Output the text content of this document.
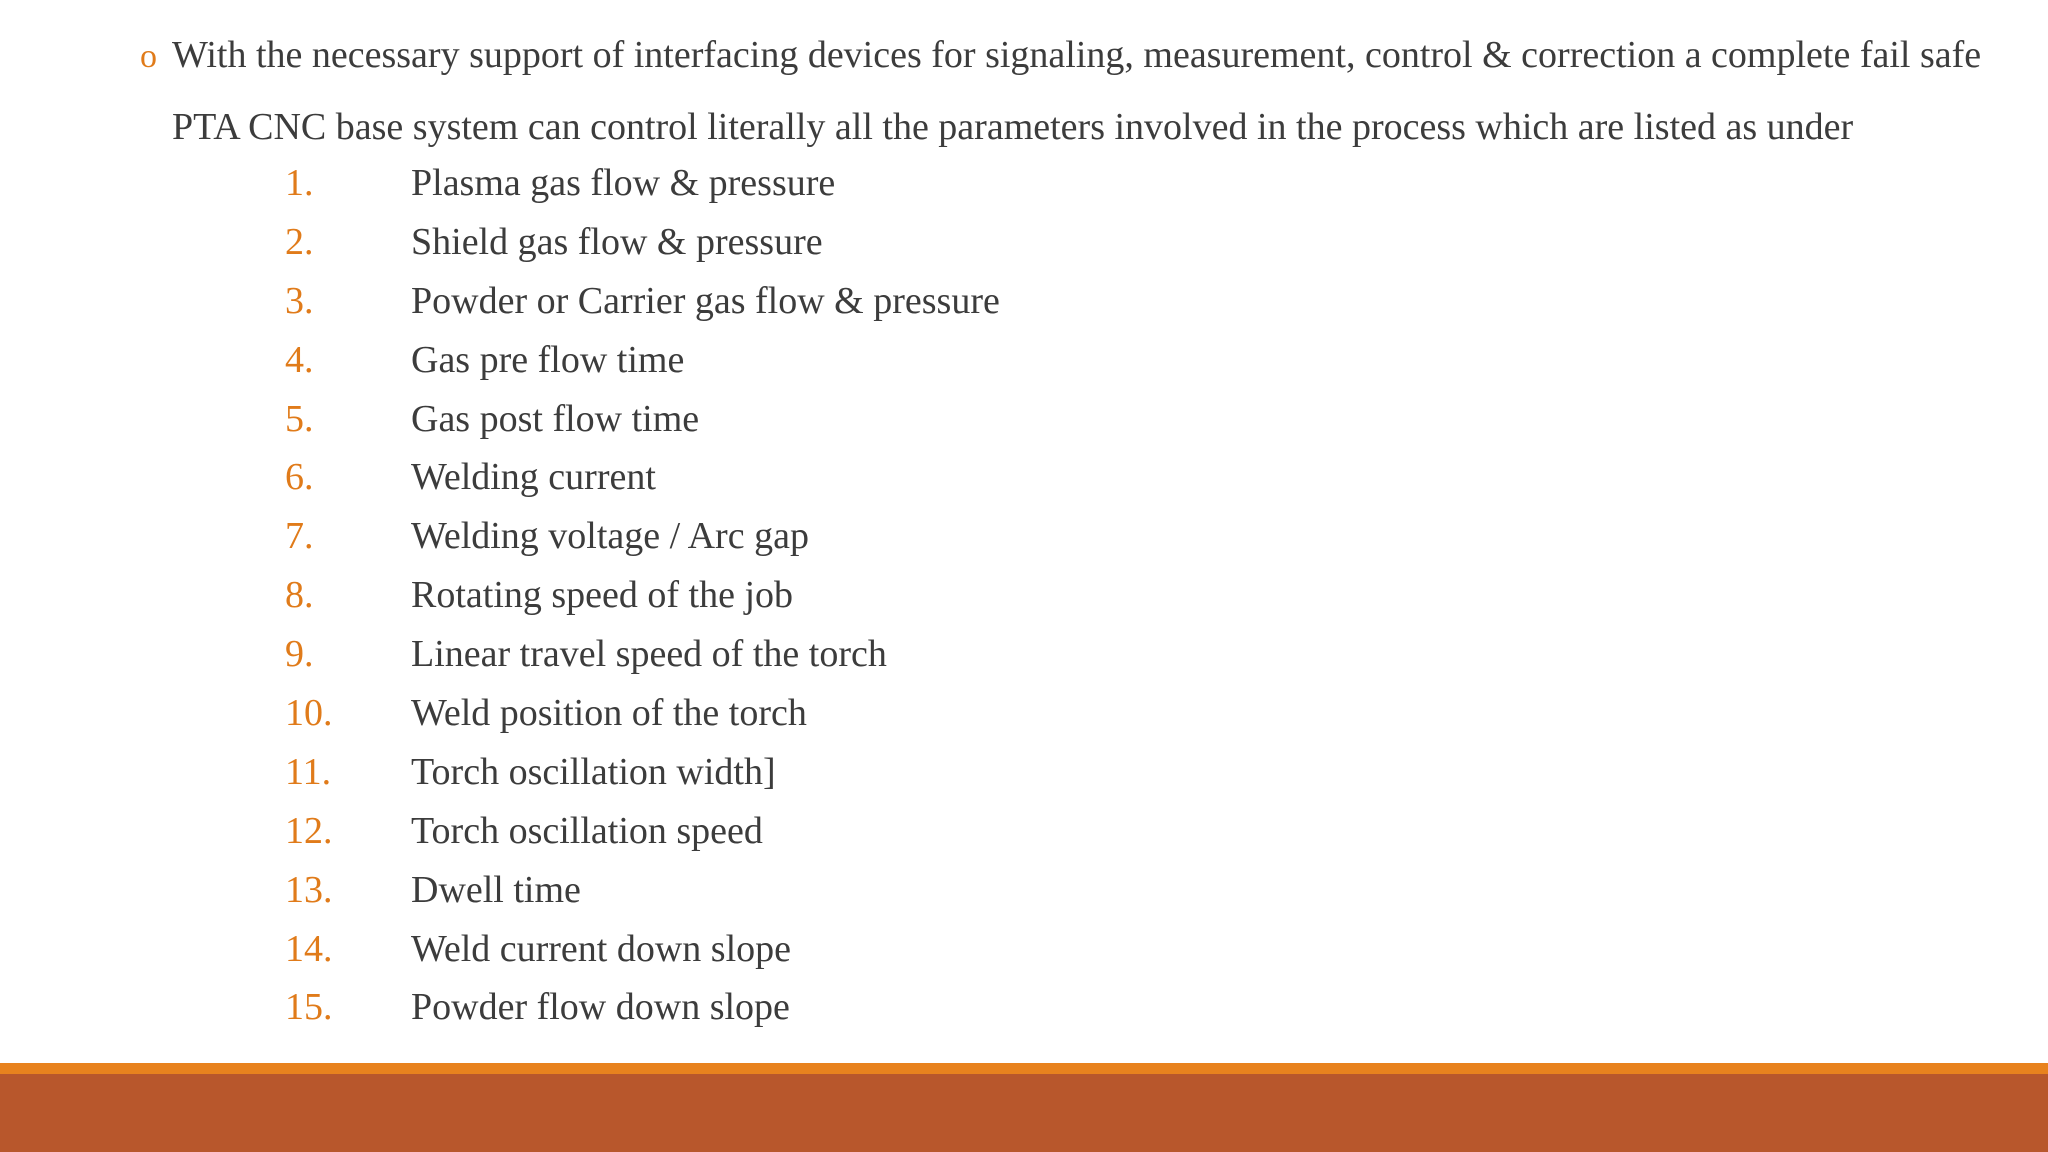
o With the necessary support of interfacing devices for signaling, measurement, control & correction a complete fail safe
PTA CNC base system can control literally all the parameters involved in the process which are listed as under
1.	Plasma gas flow & pressure
2.	Shield gas flow & pressure
3.	Powder or Carrier gas flow & pressure
4.	Gas pre flow time
5.	Gas post flow time
6.	Welding current
7.	Welding voltage / Arc gap
8.	Rotating speed of the job
9.	Linear travel speed of the torch
10.	Weld position of the torch
11.	Torch oscillation width]
12.	Torch oscillation speed
13.	Dwell time
14.	Weld current down slope
15.	Powder flow down slope
